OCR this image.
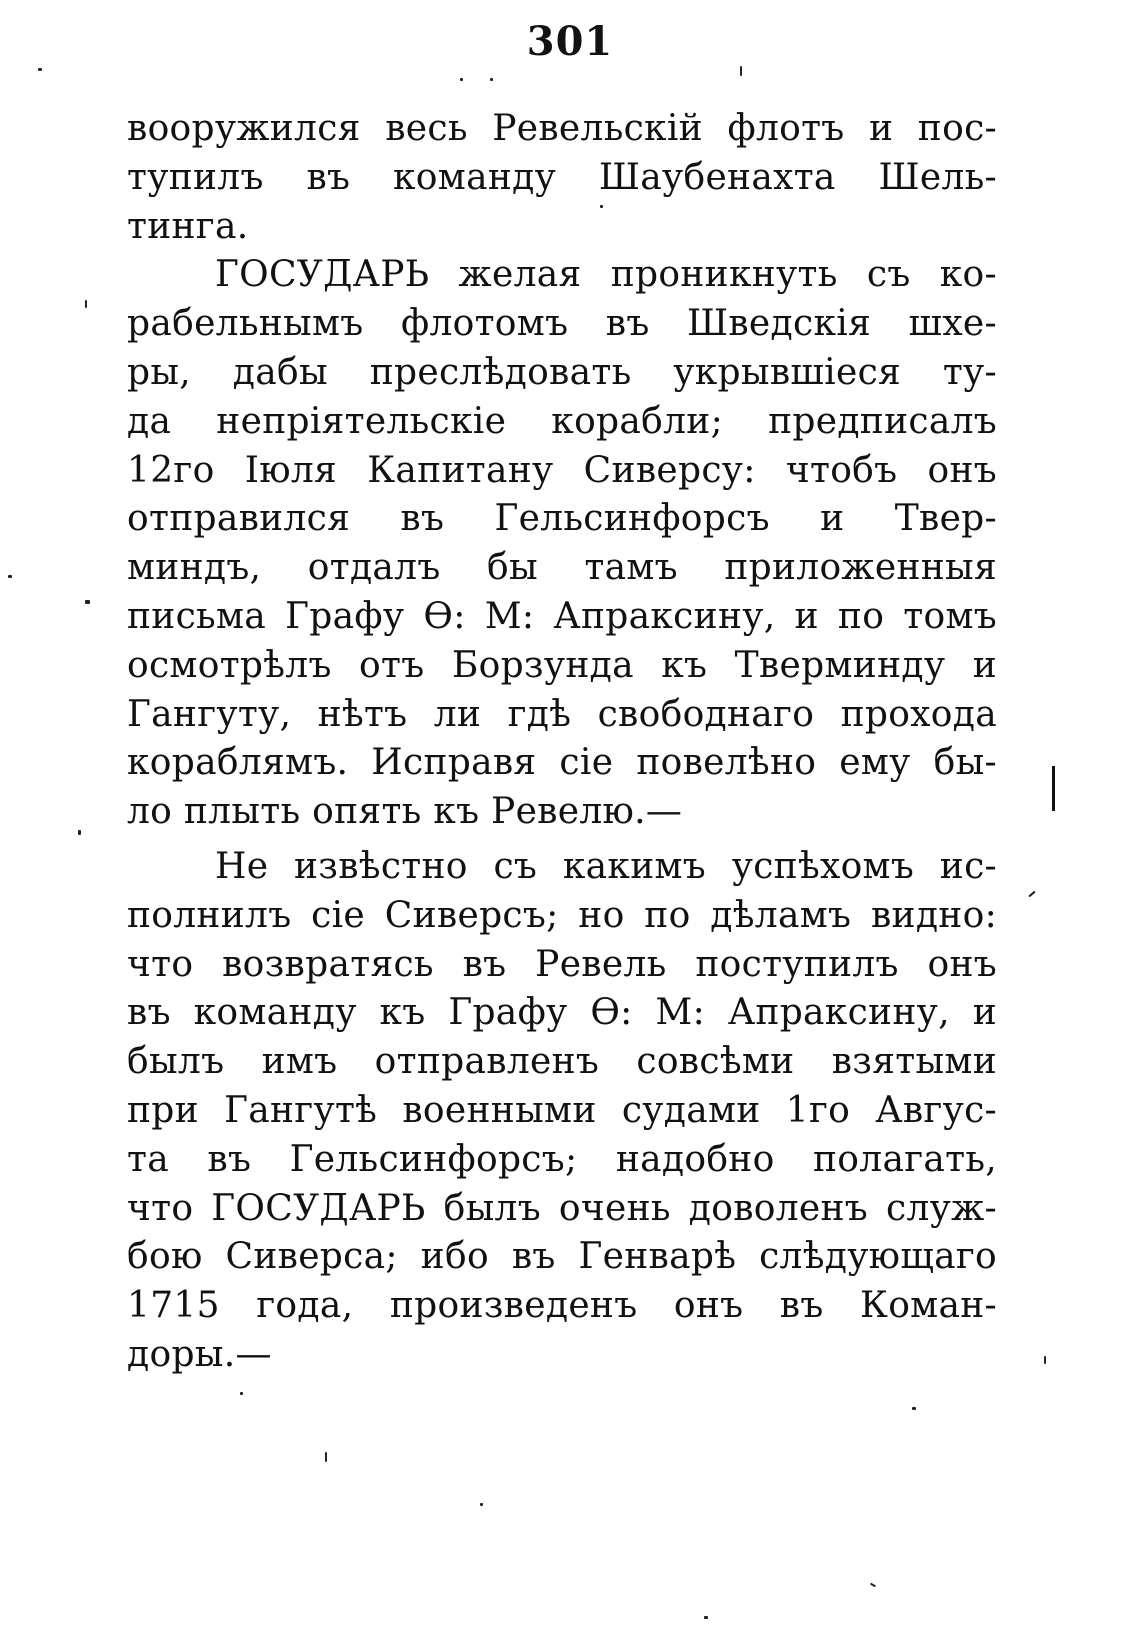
301
вооружился весь Ревельскій флотъ и пос-
тупилъ въ команду Шаубенахта Шель-
тинга.
ГОСУДАРЬ желая проникнуть съ ко-
рабельнымъ флотомъ въ Шведскія шхе-
ры, дабы преслѣдовать укрывшіеся ту-
да непріятельскіе корабли; предписалъ
12го Іюля Капитану Сиверсу: чтобъ онъ
отправился въ Гельсинфорсъ и Твер-
миндъ, отдалъ бы тамъ приложенныя
письма Графу Ѳ: М: Апраксину, и по томъ
осмотрѣлъ отъ Борзунда къ Тверминду и
Гангуту, нѣтъ ли гдѣ свободнаго прохода
кораблямъ. Исправя сіе повелѣно ему бы-
ло плыть опять къ Ревелю.—
Не извѣстно съ какимъ успѣхомъ ис-
полнилъ сіе Сиверсъ; но по дѣламъ видно:
что возвратясь въ Ревель поступилъ онъ
въ команду къ Графу Ѳ: М: Апраксину, и
былъ имъ отправленъ совсѣми взятыми
при Гангутѣ военными судами 1го Авгус-
та въ Гельсинфорсъ; надобно полагать,
что ГОСУДАРЬ былъ очень доволенъ служ-
бою Сиверса; ибо въ Генварѣ слѣдующаго
1715 года, произведенъ онъ въ Коман-
доры.—
